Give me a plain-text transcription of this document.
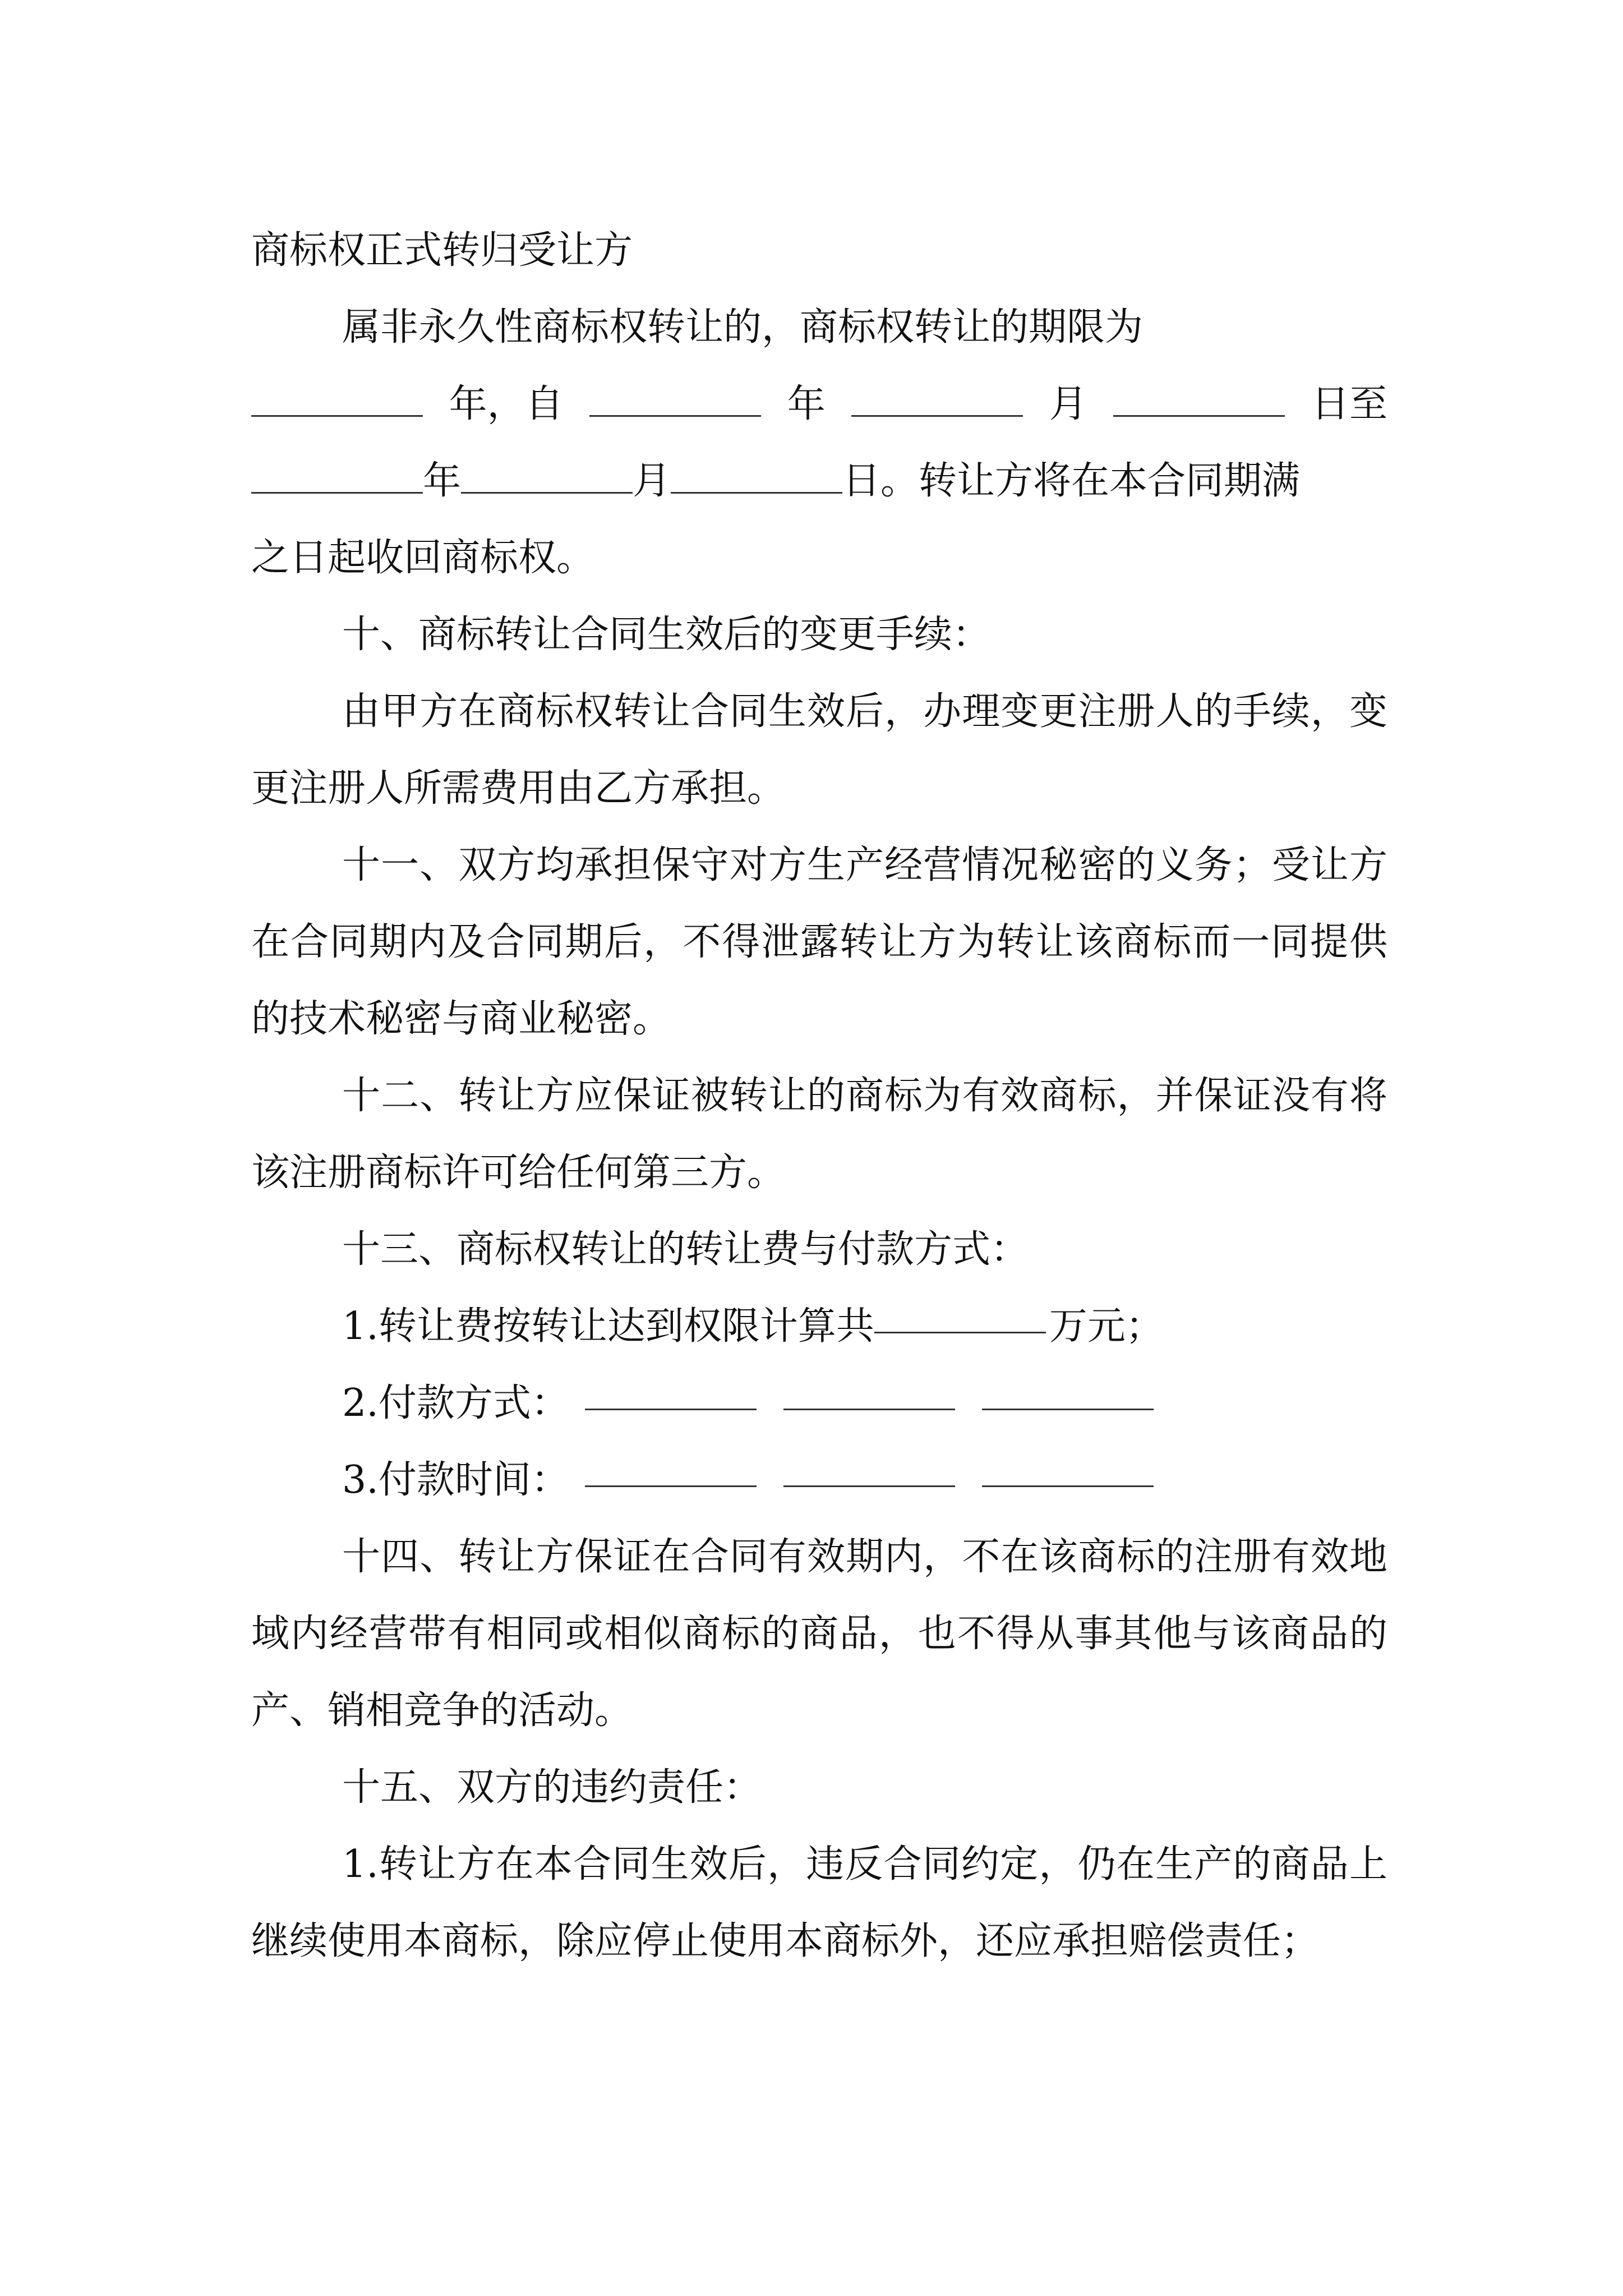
商标权正式转归受让方

属非永久性商标权转让的，商标权转让的期限为

年，自	年	月	日至
年	月	日。转让方将在本合同期满

之日起收回商标权。

十、商标转让合同生效后的变更手续：

由甲方在商标权转让合同生效后，办理变更注册人的手续，变更注册人所需费用由乙方承担。

十一、双方均承担保守对方生产经营情况秘密的义务；受让方在合同期内及合同期后，不得泄露转让方为转让该商标而一同提供的技术秘密与商业秘密。

十二、转让方应保证被转让的商标为有效商标，并保证没有将该注册商标许可给任何第三方。

十三、商标权转让的转让费与付款方式：

1.转让费按转让达到权限计算共	万元；

2.付款方式：

3.付款时间：

十四、转让方保证在合同有效期内，不在该商标的注册有效地域内经营带有相同或相似商标的商品，也不得从事其他与该商品的产、销相竞争的活动。

十五、双方的违约责任：

1.转让方在本合同生效后，违反合同约定，仍在生产的商品上继续使用本商标，除应停止使用本商标外，还应承担赔偿责任；
